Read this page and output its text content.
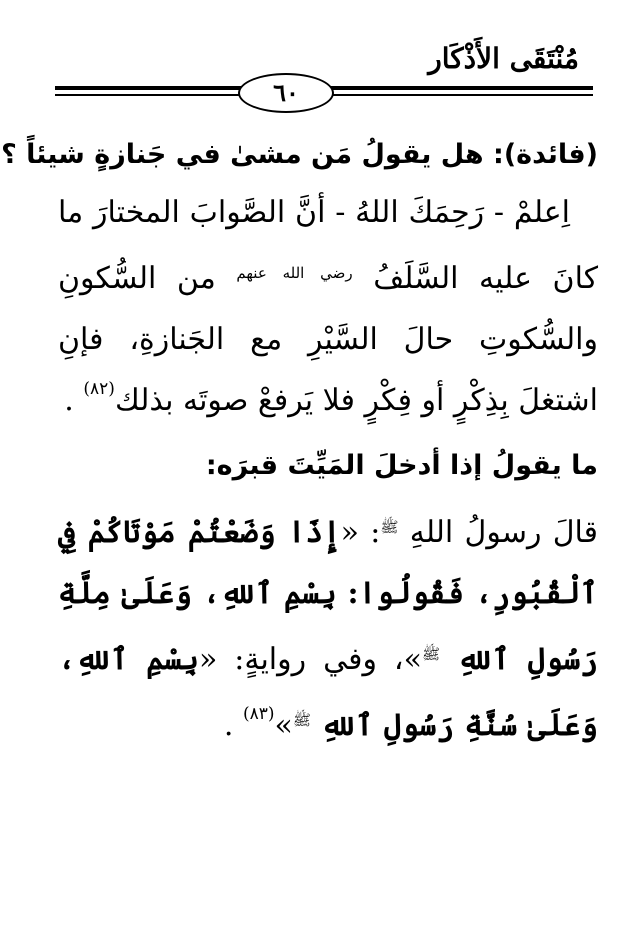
مُنْتَقَى الأَذْكَار
٦٠

(فائدة): هل يقولُ مَن مشىٰ في جَنازةٍ شيئاً ؟

اِعلمْ - رَحِمَكَ اللهُ - أنَّ الصَّوابَ المختارَ ما كانَ عليه السَّلَفُ $^{رضي الله عنهم}$ من السُّكونِ والسُّكوتِ حالَ السَّيْرِ مع الجَنازةِ، فإنِ اشتغلَ بِذِكْرٍ أو فِكْرٍ فلا يَرفعْ صوتَه بذلك$^{(٨٢)}$ .

ما يقولُ إذا أدخلَ المَيِّتَ قبرَه:

قالَ رسولُ اللهِ $^ﷺ$: «إِذَا وَضَعْتُمْ مَوْتَاكُمْ فِي ٱلْقُبُورِ، فَقُولُوا: بِسْمِ ٱللهِ، وَعَلَىٰ مِلَّةِ رَسُولِ ٱللهِ $^ﷺ$»، وفي روايةٍ: «بِسْمِ ٱللهِ، وَعَلَىٰ سُنَّةِ رَسُولِ ٱللهِ $^ﷺ$»$^{(٨٣)}$ .
